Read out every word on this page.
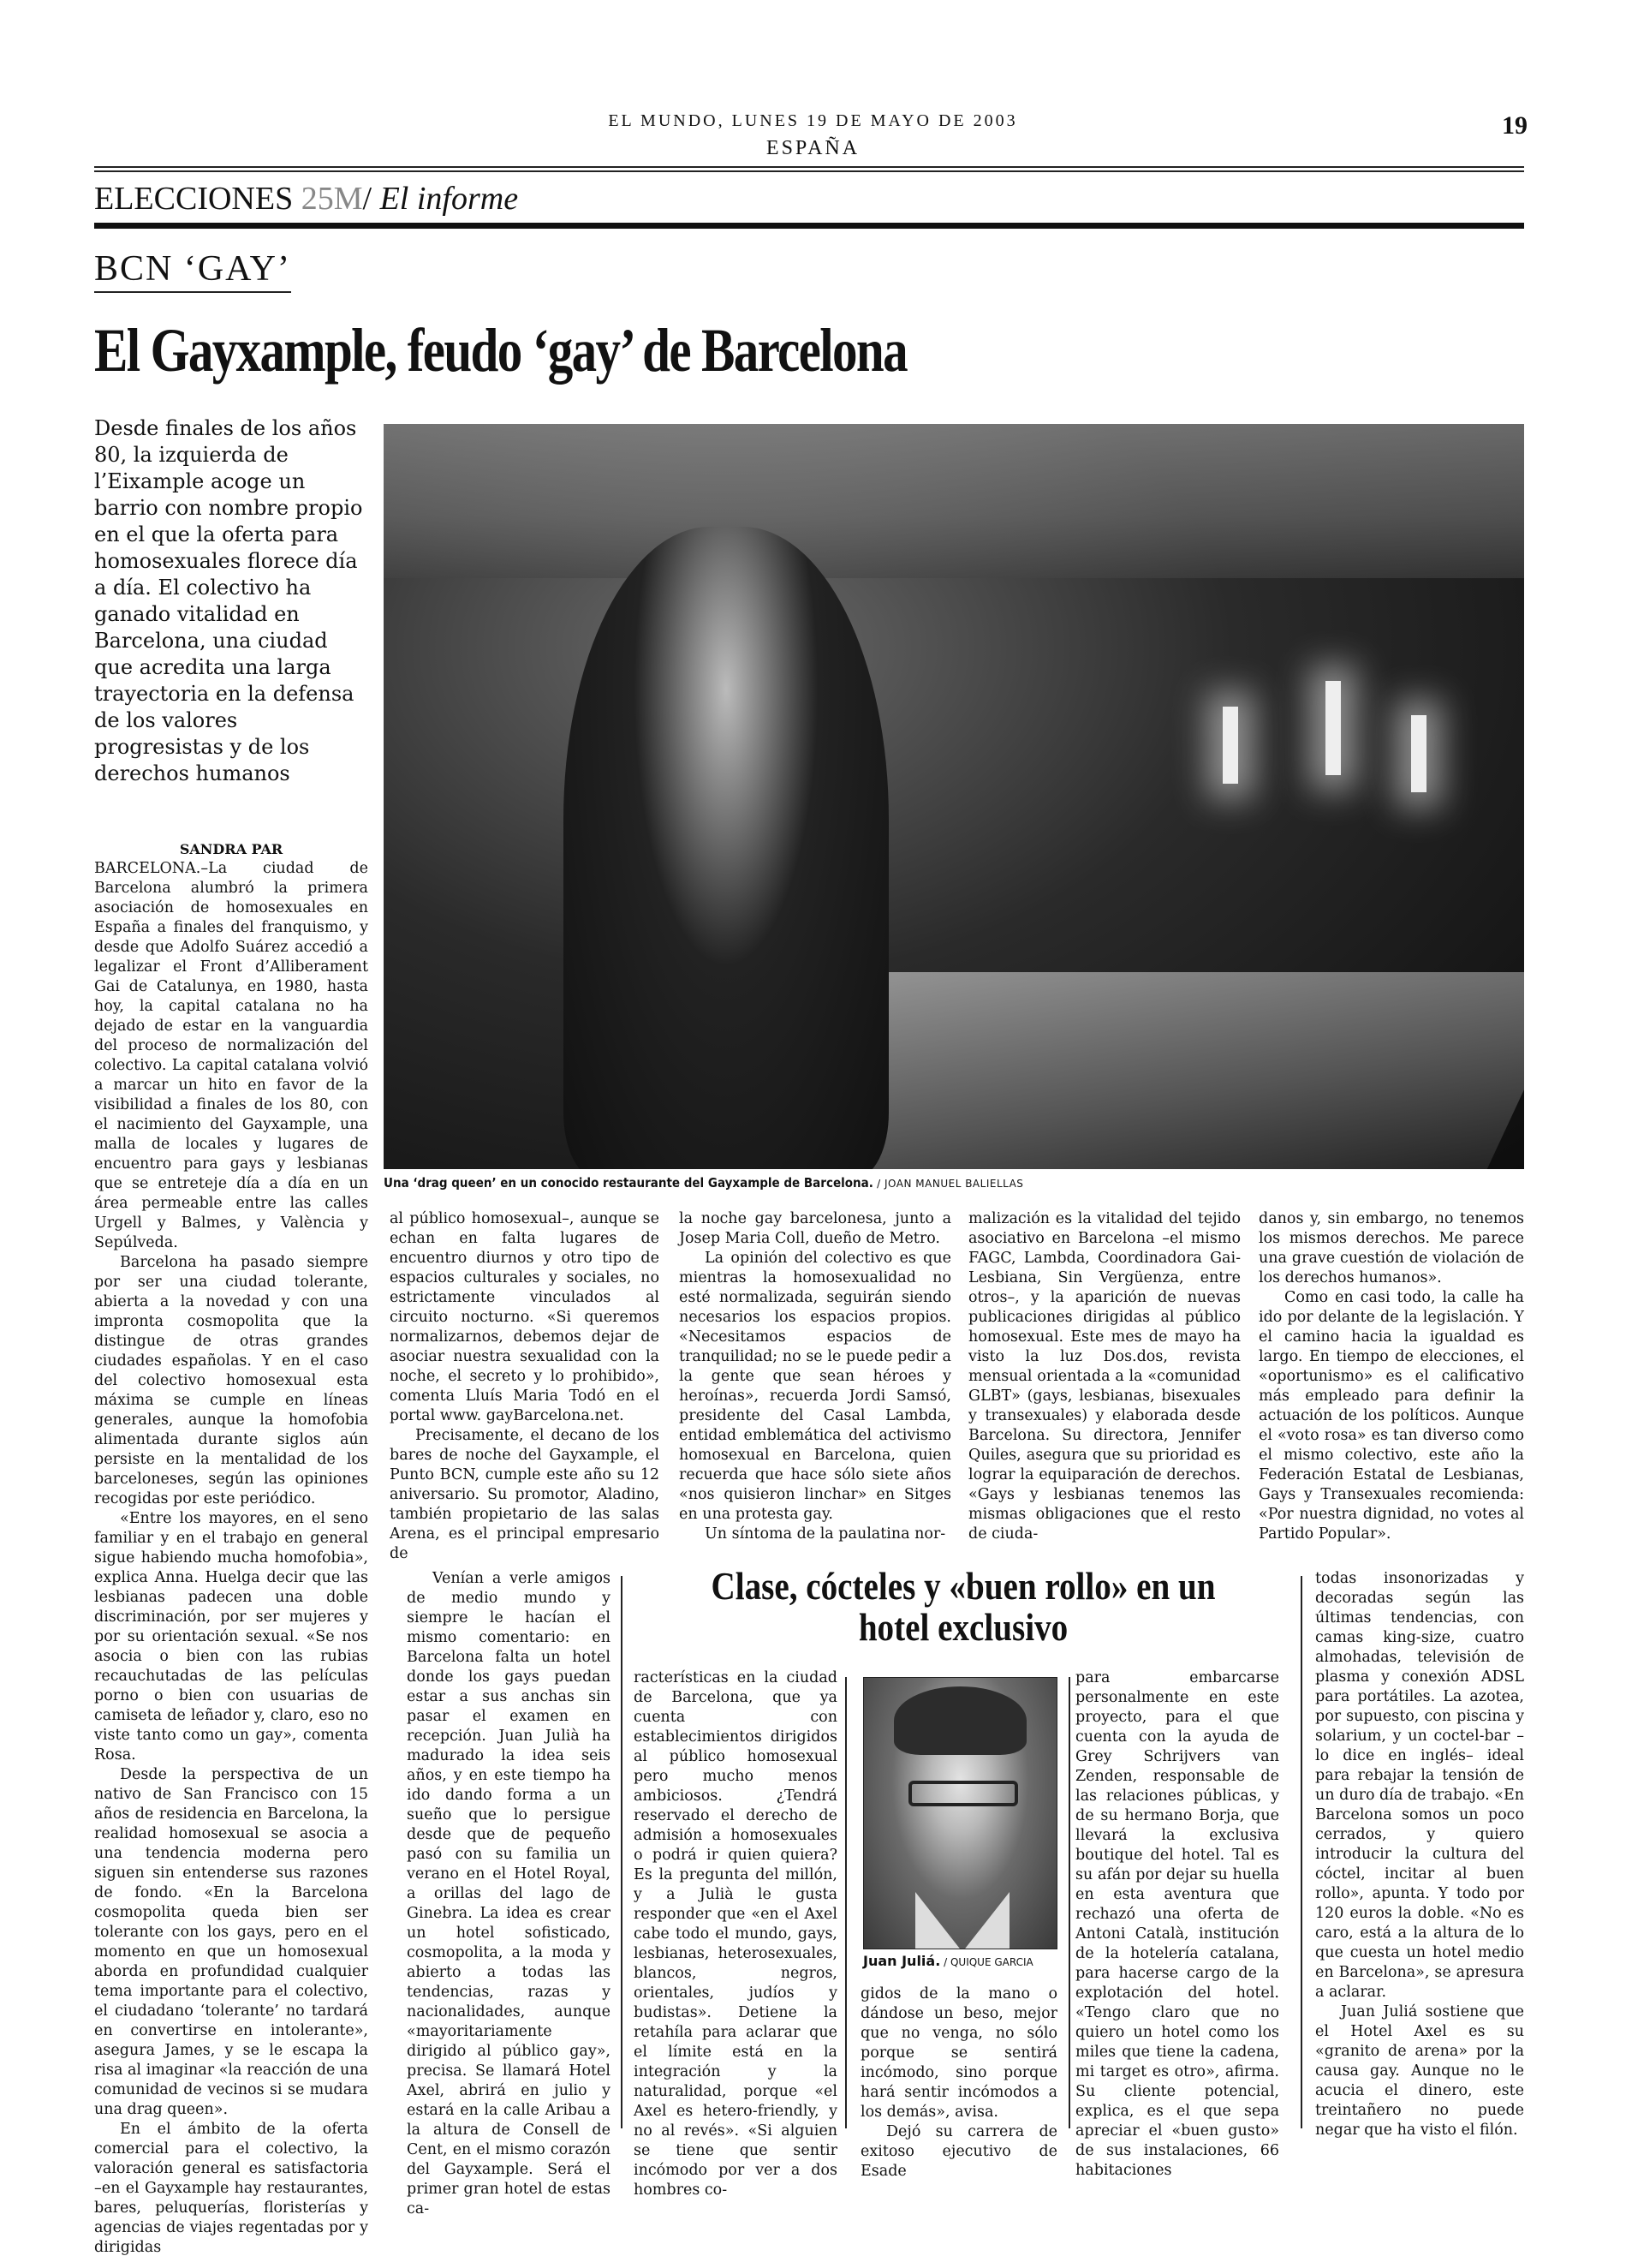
EL MUNDO, LUNES 19 DE MAYO DE 2003
ESPAÑA
19
ELECCIONES 25M/ El informe
BCN ‘GAY’
El Gayxample, feudo ‘gay’ de Barcelona
Desde finales de los años 80, la izquierda de l’Eixample acoge un barrio con nombre propio en el que la oferta para homosexuales florece día a día. El colectivo ha ganado vitalidad en Barcelona, una ciudad que acredita una larga trayectoria en la defensa de los valores progresistas y de los derechos humanos
Una ‘drag queen’ en un conocido restaurante del Gayxample de Barcelona. / JOAN MANUEL BALIELLAS

SANDRA PAR

BARCELONA.–La ciudad de Barcelona alumbró la primera asociación de homosexuales en España a finales del franquismo, y desde que Adolfo Suárez accedió a legalizar el Front d’Alliberament Gai de Catalunya, en 1980, hasta hoy, la capital catalana no ha dejado de estar en la vanguardia del proceso de normalización del colectivo. La capital catalana volvió a marcar un hito en favor de la visibilidad a finales de los 80, con el nacimiento del Gayxample, una malla de locales y lugares de encuentro para gays y lesbianas que se entreteje día a día en un área permeable entre las calles Urgell y Balmes, y València y Sepúlveda.

Barcelona ha pasado siempre por ser una ciudad tolerante, abierta a la novedad y con una impronta cosmopolita que la distingue de otras grandes ciudades españolas. Y en el caso del colectivo homosexual esta máxima se cumple en líneas generales, aunque la homofobia alimentada durante siglos aún persiste en la mentalidad de los barceloneses, según las opiniones recogidas por este periódico.

«Entre los mayores, en el seno familiar y en el trabajo en general sigue habiendo mucha homofobia», explica Anna. Huelga decir que las lesbianas padecen una doble discriminación, por ser mujeres y por su orientación sexual. «Se nos asocia o bien con las rubias recauchutadas de las películas porno o bien con usuarias de camiseta de leñador y, claro, eso no viste tanto como un gay», comenta Rosa.

Desde la perspectiva de un nativo de San Francisco con 15 años de residencia en Barcelona, la realidad homosexual se asocia a una tendencia moderna pero siguen sin entenderse sus razones de fondo. «En la Barcelona cosmopolita queda bien ser tolerante con los gays, pero en el momento en que un homosexual aborda en profundidad cualquier tema importante para el colectivo, el ciudadano ‘tolerante’ no tardará en convertirse en intolerante», asegura James, y se le escapa la risa al imaginar «la reacción de una comunidad de vecinos si se mudara una drag queen».

En el ámbito de la oferta comercial para el colectivo, la valoración general es satisfactoria –en el Gayxample hay restaurantes, bares, peluquerías, floristerías y agencias de viajes regentadas por y dirigidas

al público homosexual–, aunque se echan en falta lugares de encuentro diurnos y otro tipo de espacios culturales y sociales, no estrictamente vinculados al circuito nocturno. «Si queremos normalizarnos, debemos dejar de asociar nuestra sexualidad con la noche, el secreto y lo prohibido», comenta Lluís Maria Todó en el portal www. gayBarcelona.net.

Precisamente, el decano de los bares de noche del Gayxample, el Punto BCN, cumple este año su 12 aniversario. Su promotor, Aladino, también propietario de las salas Arena, es el principal empresario de

la noche gay barcelonesa, junto a Josep Maria Coll, dueño de Metro.

La opinión del colectivo es que mientras la homosexualidad no esté normalizada, seguirán siendo necesarios los espacios propios. «Necesitamos espacios de tranquilidad; no se le puede pedir a la gente que sean héroes y heroínas», recuerda Jordi Samsó, presidente del Casal Lambda, entidad emblemática del activismo homosexual en Barcelona, quien recuerda que hace sólo siete años «nos quisieron linchar» en Sitges en una protesta gay.

Un síntoma de la paulatina nor-

malización es la vitalidad del tejido asociativo en Barcelona –el mismo FAGC, Lambda, Coordinadora Gai-Lesbiana, Sin Vergüenza, entre otros–, y la aparición de nuevas publicaciones dirigidas al público homosexual. Este mes de mayo ha visto la luz Dos.dos, revista mensual orientada a la «comunidad GLBT» (gays, lesbianas, bisexuales y transexuales) y elaborada desde Barcelona. Su directora, Jennifer Quiles, asegura que su prioridad es lograr la equiparación de derechos. «Gays y lesbianas tenemos las mismas obligaciones que el resto de ciuda-

danos y, sin embargo, no tenemos los mismos derechos. Me parece una grave cuestión de violación de los derechos humanos».

Como en casi todo, la calle ha ido por delante de la legislación. Y el camino hacia la igualdad es largo. En tiempo de elecciones, el «oportunismo» es el calificativo más empleado para definir la actuación de los políticos. Aunque el «voto rosa» es tan diverso como el mismo colectivo, este año la Federación Estatal de Lesbianas, Gays y Transexuales recomienda: «Por nuestra dignidad, no votes al Partido Popular».

Venían a verle amigos de medio mundo y siempre le hacían el mismo comentario: en Barcelona falta un hotel donde los gays puedan estar a sus anchas sin pasar el examen en recepción. Juan Julià ha madurado la idea seis años, y en este tiempo ha ido dando forma a un sueño que lo persigue desde que de pequeño pasó con su familia un verano en el Hotel Royal, a orillas del lago de Ginebra. La idea es crear un hotel sofisticado, cosmopolita, a la moda y abierto a todas las tendencias, razas y nacionalidades, aunque «mayoritariamente dirigido al público gay», precisa. Se llamará Hotel Axel, abrirá en julio y estará en la calle Aribau a la altura de Consell de Cent, en el mismo corazón del Gayxample. Será el primer gran hotel de estas ca-

Clase, cócteles y «buen rollo» en un hotel exclusivo

racterísticas en la ciudad de Barcelona, que ya cuenta con establecimientos dirigidos al público homosexual pero mucho menos ambiciosos. ¿Tendrá reservado el derecho de admisión a homosexuales o podrá ir quien quiera? Es la pregunta del millón, y a Julià le gusta responder que «en el Axel cabe todo el mundo, gays, lesbianas, heterosexuales, blancos, negros, orientales, judíos y budistas». Detiene la retahíla para aclarar que el límite está en la integración y la naturalidad, porque «el Axel es hetero-friendly, y no al revés». «Si alguien se tiene que sentir incómodo por ver a dos hombres co-

Juan Juliá. / QUIQUE GARCIA

gidos de la mano o dándose un beso, mejor que no venga, no sólo porque se sentirá incómodo, sino porque hará sentir incómodos a los demás», avisa.

Dejó su carrera de exitoso ejecutivo de Esade

para embarcarse personalmente en este proyecto, para el que cuenta con la ayuda de Grey Schrijvers van Zenden, responsable de las relaciones públicas, y de su hermano Borja, que llevará la exclusiva boutique del hotel. Tal es su afán por dejar su huella en esta aventura que rechazó una oferta de Antoni Català, institución de la hotelería catalana, para hacerse cargo de la explotación del hotel. «Tengo claro que no quiero un hotel como los miles que tiene la cadena, mi target es otro», afirma. Su cliente potencial, explica, es el que sepa apreciar el «buen gusto» de sus instalaciones, 66 habitaciones

todas insonorizadas y decoradas según las últimas tendencias, con camas king-size, cuatro almohadas, televisión de plasma y conexión ADSL para portátiles. La azotea, por supuesto, con piscina y solarium, y un coctel-bar –lo dice en inglés– ideal para rebajar la tensión de un duro día de trabajo. «En Barcelona somos un poco cerrados, y quiero introducir la cultura del cóctel, incitar al buen rollo», apunta. Y todo por 120 euros la doble. «No es caro, está a la altura de lo que cuesta un hotel medio en Barcelona», se apresura a aclarar.

Juan Juliá sostiene que el Hotel Axel es su «granito de arena» por la causa gay. Aunque no le acucia el dinero, este treintañero no puede negar que ha visto el filón.
